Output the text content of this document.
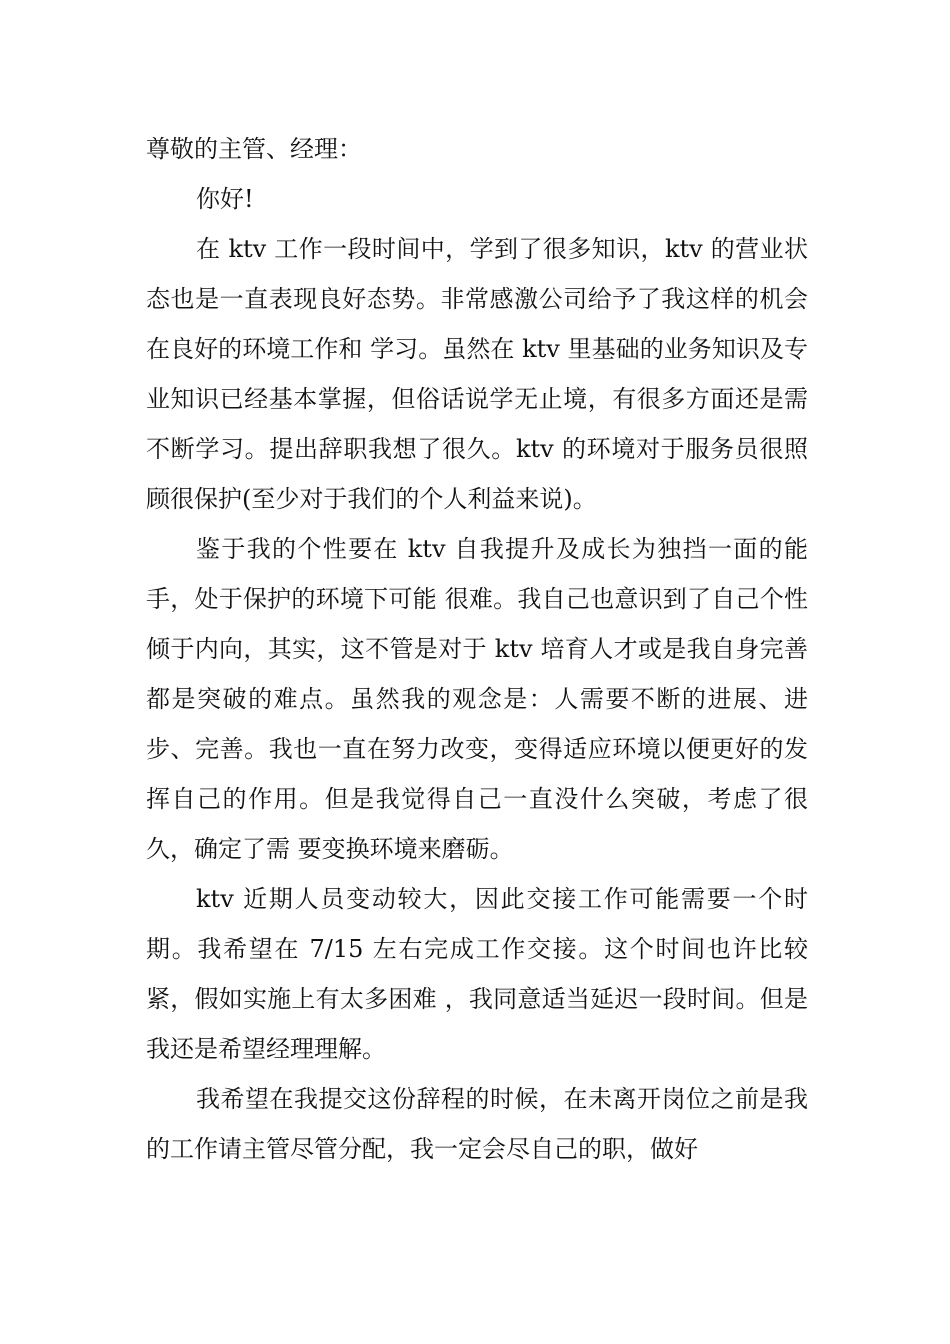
尊敬的主管、经理：

你好!

在 ktv 工作一段时间中，学到了很多知识，ktv 的营业状态也是一直表现良好态势。非常感激公司给予了我这样的机会在良好的环境工作和 学习。虽然在 ktv 里基础的业务知识及专业知识已经基本掌握，但俗话说学无止境，有很多方面还是需不断学习。提出辞职我想了很久。ktv 的环境对于服务员很照顾很保护(至少对于我们的个人利益来说)。

鉴于我的个性要在 ktv 自我提升及成长为独挡一面的能手，处于保护的环境下可能 很难。我自己也意识到了自己个性倾于内向，其实，这不管是对于 ktv 培育人才或是我自身完善都是突破的难点。虽然我的观念是：人需要不断的进展、进步、完善。我也一直在努力改变，变得适应环境以便更好的发挥自己的作用。但是我觉得自己一直没什么突破，考虑了很久，确定了需 要变换环境来磨砺。

ktv 近期人员变动较大，因此交接工作可能需要一个时期。我希望在 7/15 左右完成工作交接。这个时间也许比较紧，假如实施上有太多困难 ，我同意适当延迟一段时间。但是我还是希望经理理解。

我希望在我提交这份辞程的时候，在未离开岗位之前是我的工作请主管尽管分配，我一定会尽自己的职，做好
